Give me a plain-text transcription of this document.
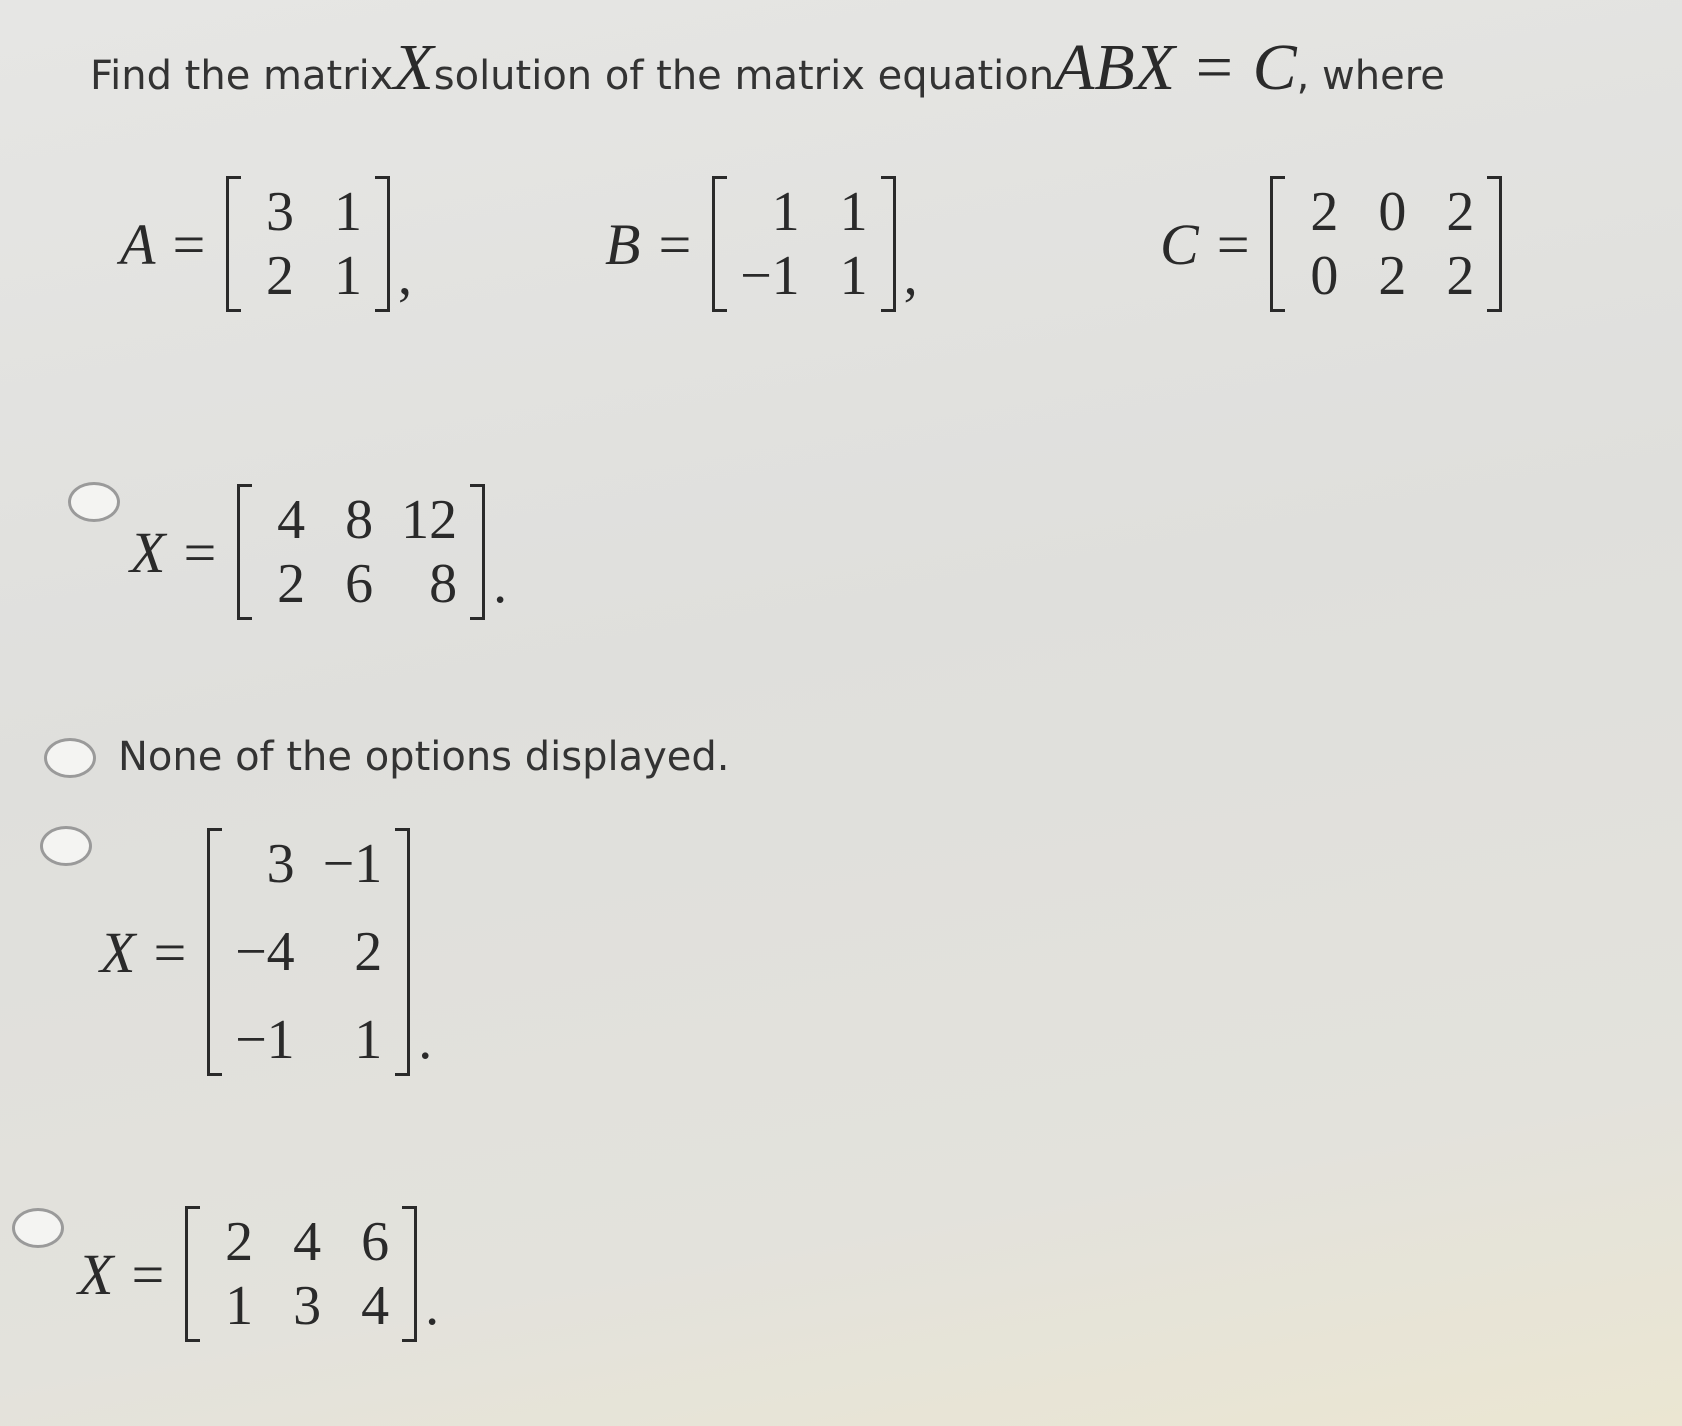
Find the matrix X solution of the matrix equation ABX = C , where
A =	3 1
2 1 ,	B =	1 1
−1 1 ,	C =	2 0 2
0 2 2
X =	4 8 12
2 6	8 .
None of the options displayed.
X =
3 −1
−4	2
−1	1 .
X =	2 4 6
1 3 4 .
